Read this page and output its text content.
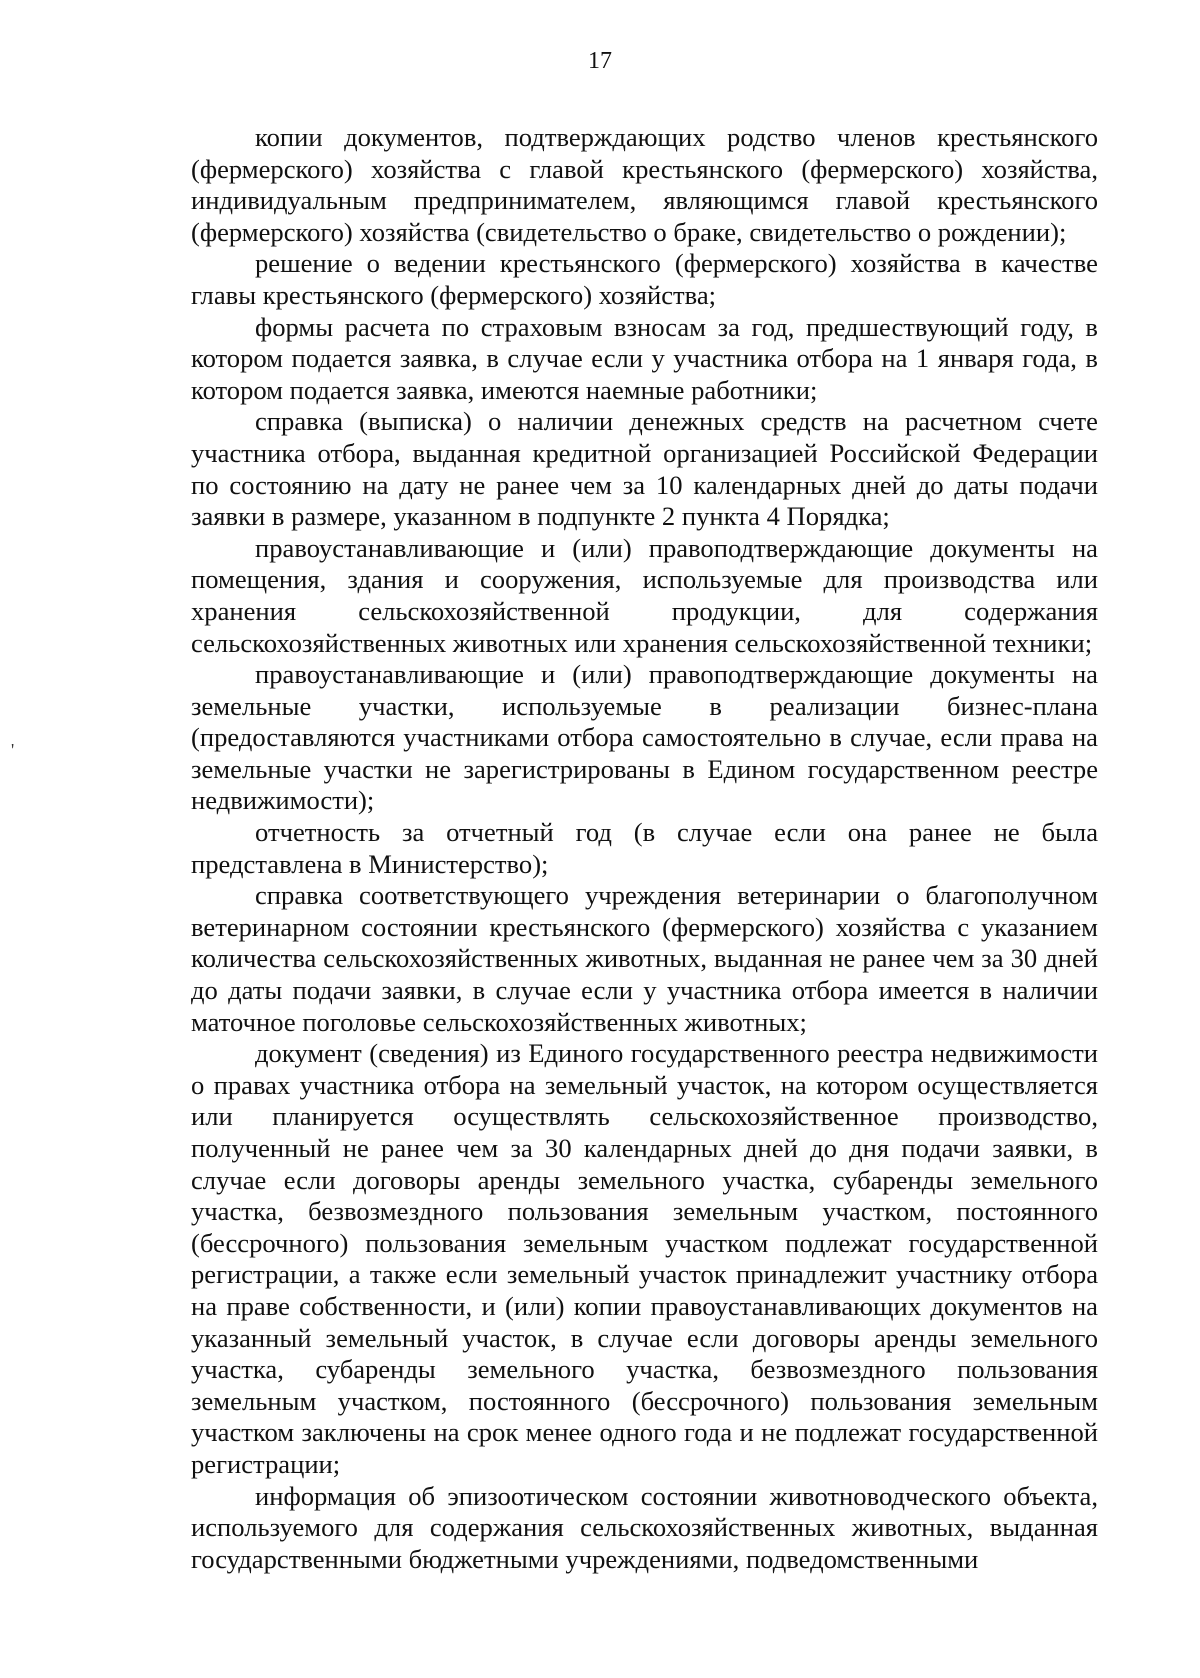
17
'

копии документов, подтверждающих родство членов крестьянского (фермерского) хозяйства с главой крестьянского (фермерского) хозяйства, индивидуальным предпринимателем, являющимся главой крестьянского (фермерского) хозяйства (свидетельство о браке, свидетельство о рождении);

решение о ведении крестьянского (фермерского) хозяйства в качестве главы крестьянского (фермерского) хозяйства;

формы расчета по страховым взносам за год, предшествующий году, в котором подается заявка, в случае если у участника отбора на 1 января года, в котором подается заявка, имеются наемные работники;

справка (выписка) о наличии денежных средств на расчетном счете участника отбора, выданная кредитной организацией Российской Федерации по состоянию на дату не ранее чем за 10 календарных дней до даты подачи заявки в размере, указанном в подпункте 2 пункта 4 Порядка;

правоустанавливающие и (или) правоподтверждающие документы на помещения, здания и сооружения, используемые для производства или хранения сельскохозяйственной продукции, для содержания сельскохозяйственных животных или хранения сельскохозяйственной техники;

правоустанавливающие и (или) правоподтверждающие документы на земельные участки, используемые в реализации бизнес-плана (предоставляются участниками отбора самостоятельно в случае, если права на земельные участки не зарегистрированы в Едином государственном реестре недвижимости);

отчетность за отчетный год (в случае если она ранее не была представлена в Министерство);

справка соответствующего учреждения ветеринарии о благополучном ветеринарном состоянии крестьянского (фермерского) хозяйства с указанием количества сельскохозяйственных животных, выданная не ранее чем за 30 дней до даты подачи заявки, в случае если у участника отбора имеется в наличии маточное поголовье сельскохозяйственных животных;

документ (сведения) из Единого государственного реестра недвижимости о правах участника отбора на земельный участок, на котором осуществляется или планируется осуществлять сельскохозяйственное производство, полученный не ранее чем за 30 календарных дней до дня подачи заявки, в случае если договоры аренды земельного участка, субаренды земельного участка, безвозмездного пользования земельным участком, постоянного (бессрочного) пользования земельным участком подлежат государственной регистрации, а также если земельный участок принадлежит участнику отбора на праве собственности, и (или) копии правоустанавливающих документов на указанный земельный участок, в случае если договоры аренды земельного участка, субаренды земельного участка, безвозмездного пользования земельным участком, постоянного (бессрочного) пользования земельным участком заключены на срок менее одного года и не подлежат государственной регистрации;

информация об эпизоотическом состоянии животноводческого объекта, используемого для содержания сельскохозяйственных животных, выданная государственными бюджетными учреждениями, подведомственными
